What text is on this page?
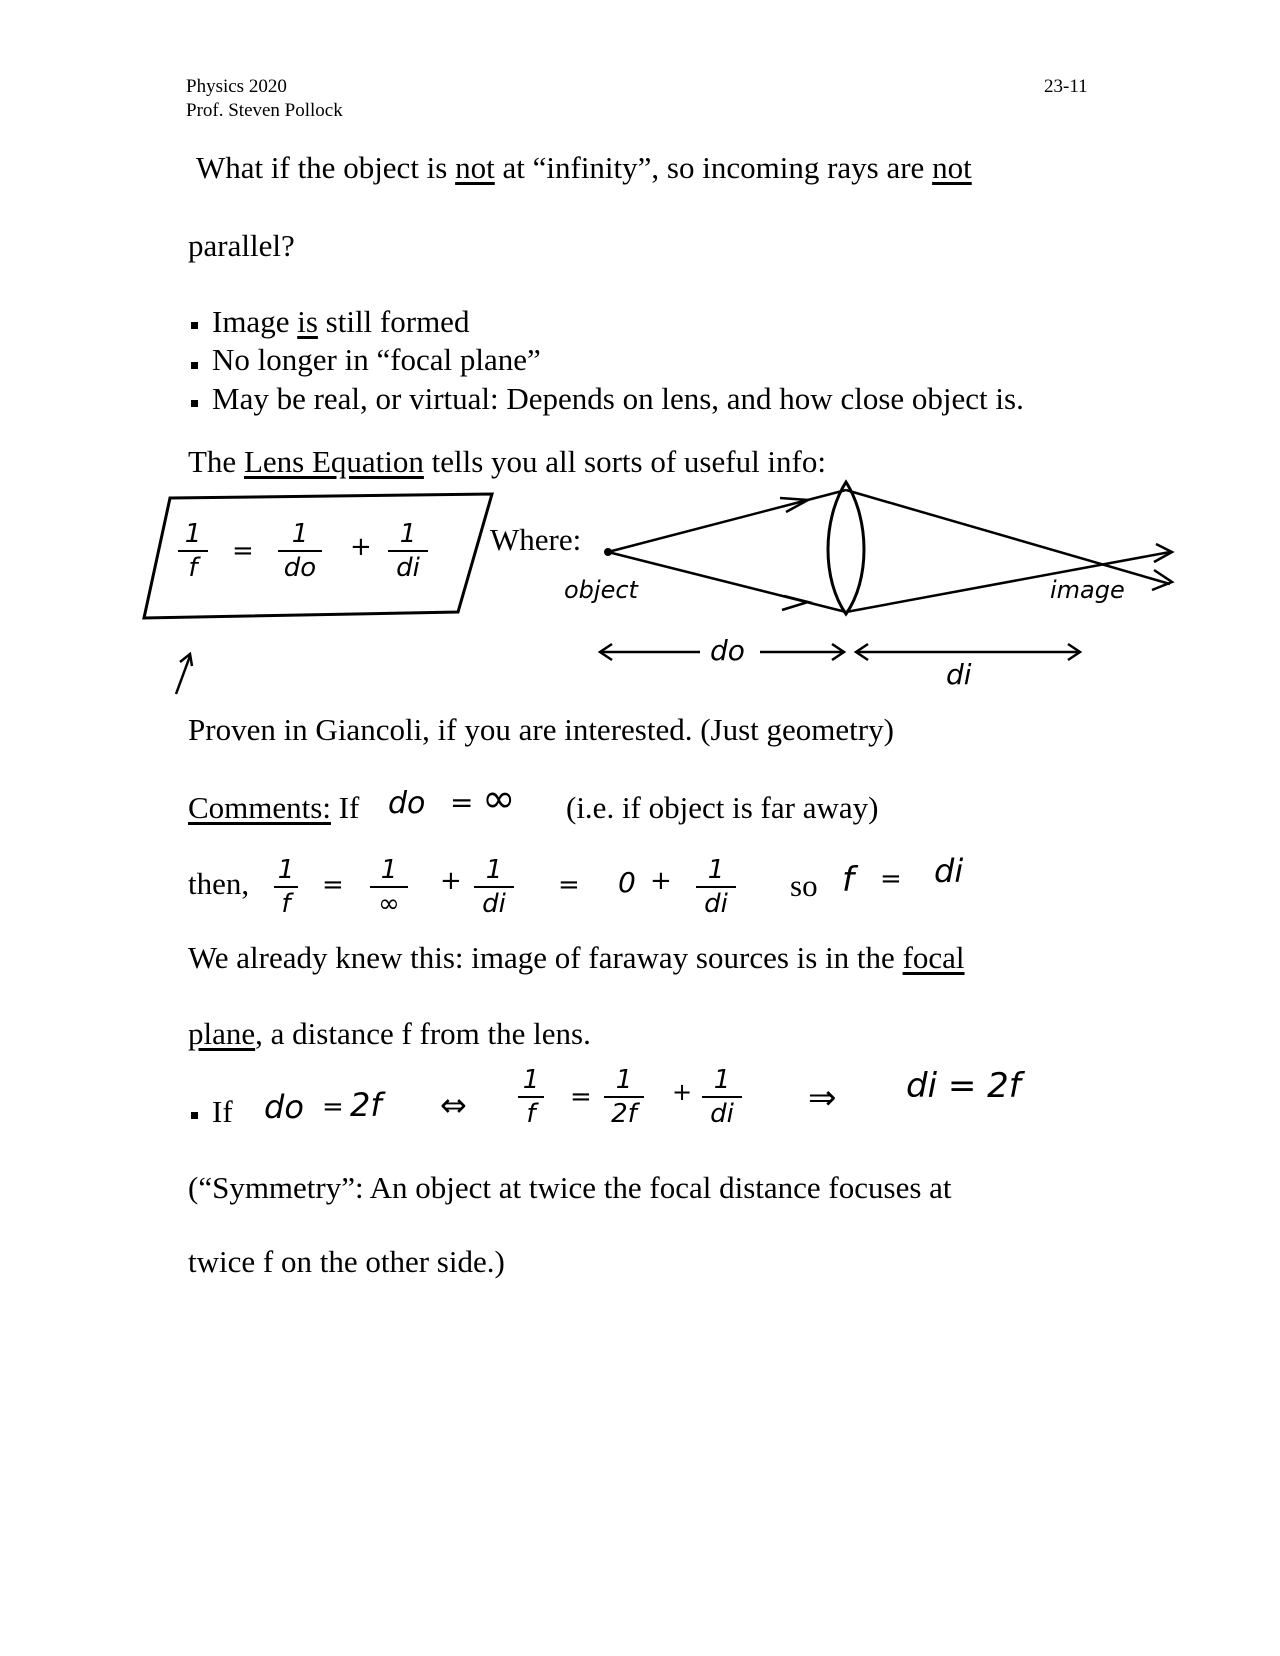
Physics 2020
Prof. Steven Pollock
23-11
What if the object is not at “infinity”, so incoming rays are not
parallel?
Image is still formed
No longer in “focal plane”
May be real, or virtual: Depends on lens, and how close object is.
The Lens Equation tells you all sorts of useful info:
1
f
=
1
do
+ 1
di
Where:
object	image
do
di
Proven in Giancoli, if you are interested. (Just geometry)
Comments: If do = ∞ (i.e. if object is far away)
then, 1
f
= 1
∞
+ 1
di
= 0 + 1
di
so f = di
We already knew this: image of faraway sources is in the focal
plane, a distance f from the lens.
If do = 2f ⇔
1
f
=
1
2f
+ 1
di ⇒ di = 2f
(“Symmetry”: An object at twice the focal distance focuses at
twice f on the other side.)
